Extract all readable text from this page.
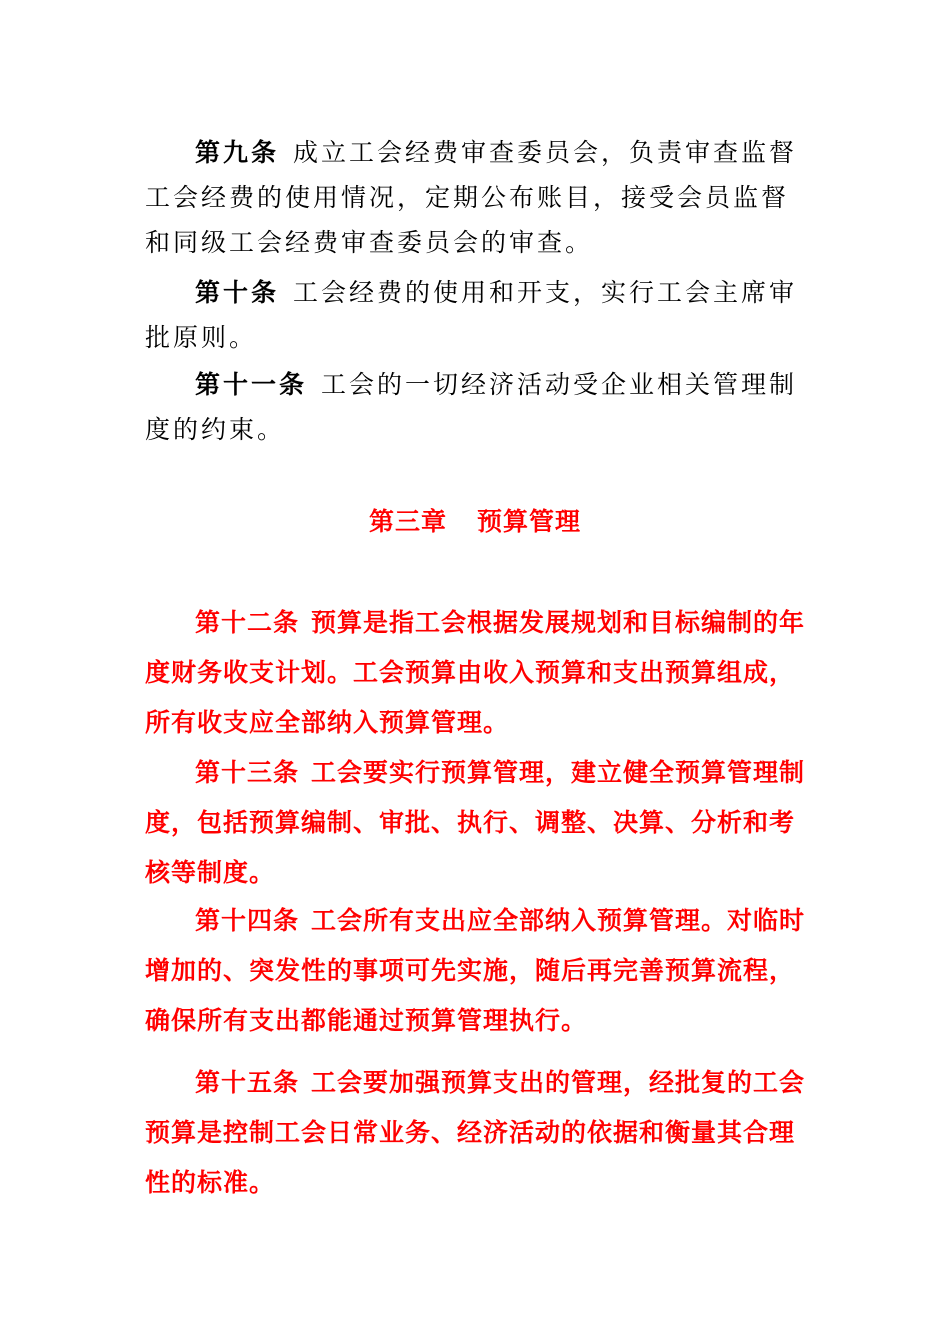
第九条 成立工会经费审查委员会，负责审查监督工会经费的使用情况，定期公布账目，接受会员监督和同级工会经费审查委员会的审查。

第十条 工会经费的使用和开支，实行工会主席审批原则。

第十一条 工会的一切经济活动受企业相关管理制度的约束。

第三章 预算管理

第十二条 预算是指工会根据发展规划和目标编制的年度财务收支计划。工会预算由收入预算和支出预算组成，所有收支应全部纳入预算管理。

第十三条 工会要实行预算管理，建立健全预算管理制度，包括预算编制、审批、执行、调整、决算、分析和考核等制度。

第十四条 工会所有支出应全部纳入预算管理。对临时增加的、突发性的事项可先实施，随后再完善预算流程，确保所有支出都能通过预算管理执行。

第十五条 工会要加强预算支出的管理，经批复的工会预算是控制工会日常业务、经济活动的依据和衡量其合理性的标准。
